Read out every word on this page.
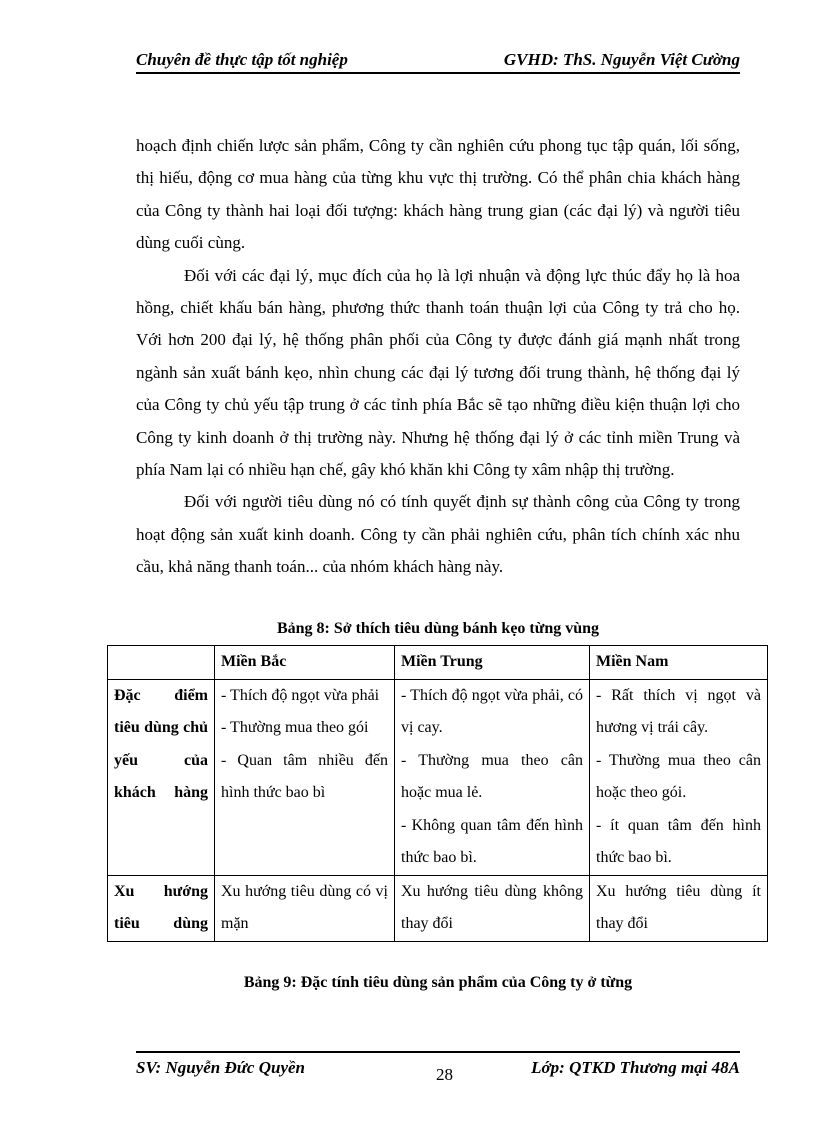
Chuyên đề thực tập tốt nghiệp	GVHD: ThS. Nguyễn Việt Cường

hoạch định chiến lược sản phẩm, Công ty cần nghiên cứu phong tục tập quán, lối sống, thị hiếu, động cơ mua hàng của từng khu vực thị trường. Có thể phân chia khách hàng của Công ty thành hai loại đối tượng: khách hàng trung gian (các đại lý) và người tiêu dùng cuối cùng.

Đối với các đại lý, mục đích của họ là lợi nhuận và động lực thúc đẩy họ là hoa hồng, chiết khấu bán hàng, phương thức thanh toán thuận lợi của Công ty trả cho họ. Với hơn 200 đại lý, hệ thống phân phối của Công ty được đánh giá mạnh nhất trong ngành sản xuất bánh kẹo, nhìn chung các đại lý tương đối trung thành, hệ thống đại lý của Công ty chủ yếu tập trung ở các tỉnh phía Bắc sẽ tạo những điều kiện thuận lợi cho Công ty kinh doanh ở thị trường này. Nhưng hệ thống đại lý ở các tỉnh miền Trung và phía Nam lại có nhiều hạn chế, gây khó khăn khi Công ty xâm nhập thị trường.

Đối với người tiêu dùng nó có tính quyết định sự thành công của Công ty trong hoạt động sản xuất kinh doanh. Công ty cần phải nghiên cứu, phân tích chính xác nhu cầu, khả năng thanh toán... của nhóm khách hàng này.

Bảng 8: Sở thích tiêu dùng bánh kẹo từng vùng
	Miền Bắc	Miền Trung	Miền Nam
Đặc điểm tiêu dùng chủ yếu của khách hàng	- Thích độ ngọt vừa phải
- Thường mua theo gói
- Quan tâm nhiều đến hình thức bao bì	- Thích độ ngọt vừa phải, có vị cay.
- Thường mua theo cân hoặc mua lẻ.
- Không quan tâm đến hình thức bao bì.	- Rất thích vị ngọt và hương vị trái cây.
- Thường mua theo cân hoặc theo gói.
- ít quan tâm đến hình thức bao bì.

Xu hướng tiêu dùng	Xu hướng tiêu dùng có vị mặn	Xu hướng tiêu dùng không thay đổi	Xu hướng tiêu dùng ít thay đổi
Bảng 9: Đặc tính tiêu dùng sản phẩm của Công ty ở từng
SV: Nguyễn Đức Quyền	28	Lớp: QTKD Thương mại 48A
